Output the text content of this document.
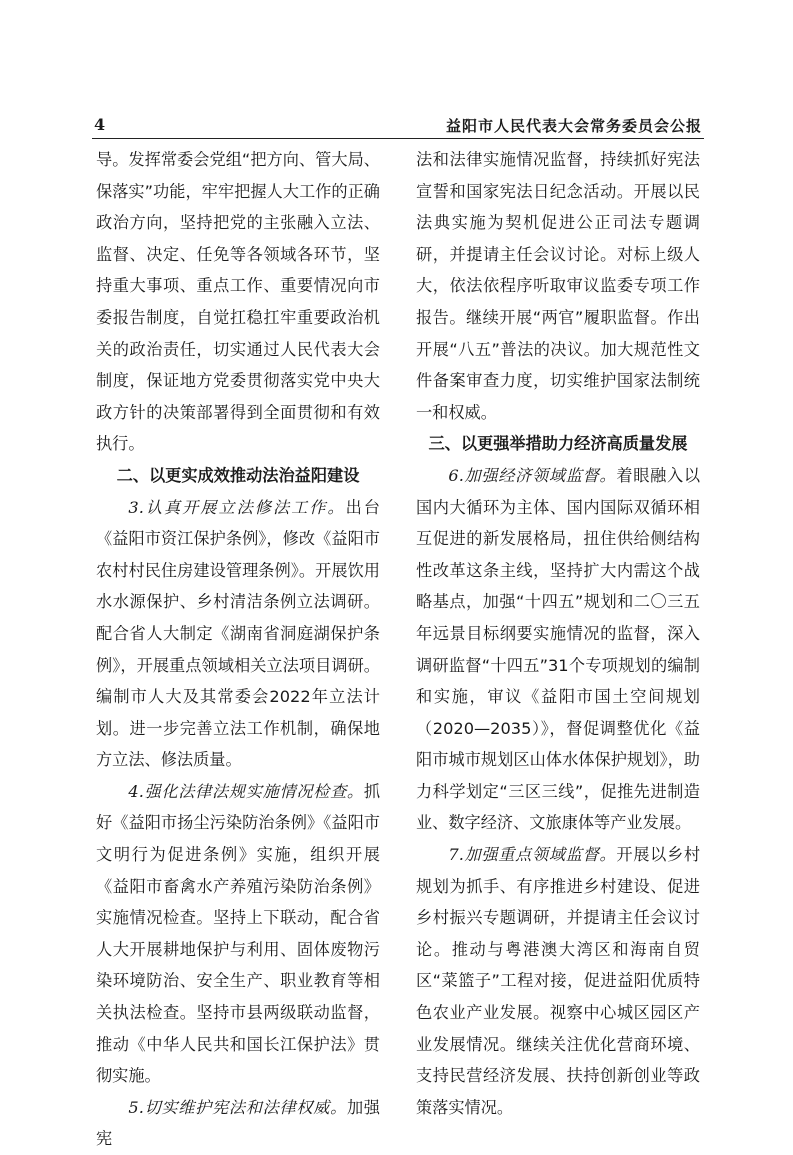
4	益阳市人民代表大会常务委员会公报

导。发挥常委会党组“把方向、管大局、保落实”功能，牢牢把握人大工作的正确政治方向，坚持把党的主张融入立法、监督、决定、任免等各领域各环节，坚持重大事项、重点工作、重要情况向市委报告制度，自觉扛稳扛牢重要政治机关的政治责任，切实通过人民代表大会制度，保证地方党委贯彻落实党中央大政方针的决策部署得到全面贯彻和有效执行。

二、以更实成效推动法治益阳建设

3.认真开展立法修法工作。出台《益阳市资江保护条例》，修改《益阳市农村村民住房建设管理条例》。开展饮用水水源保护、乡村清洁条例立法调研。配合省人大制定《湖南省洞庭湖保护条例》，开展重点领域相关立法项目调研。编制市人大及其常委会2022年立法计划。进一步完善立法工作机制，确保地方立法、修法质量。

4.强化法律法规实施情况检查。抓好《益阳市扬尘污染防治条例》《益阳市文明行为促进条例》实施，组织开展《益阳市畜禽水产养殖污染防治条例》实施情况检查。坚持上下联动，配合省人大开展耕地保护与利用、固体废物污染环境防治、安全生产、职业教育等相关执法检查。坚持市县两级联动监督，推动《中华人民共和国长江保护法》贯彻实施。

5.切实维护宪法和法律权威。加强宪

法和法律实施情况监督，持续抓好宪法宣誓和国家宪法日纪念活动。开展以民法典实施为契机促进公正司法专题调研，并提请主任会议讨论。对标上级人大，依法依程序听取审议监委专项工作报告。继续开展“两官”履职监督。作出开展“八五”普法的决议。加大规范性文件备案审查力度，切实维护国家法制统一和权威。

三、以更强举措助力经济高质量发展

6.加强经济领域监督。着眼融入以国内大循环为主体、国内国际双循环相互促进的新发展格局，扭住供给侧结构性改革这条主线，坚持扩大内需这个战略基点，加强“十四五”规划和二〇三五年远景目标纲要实施情况的监督，深入调研监督“十四五”31个专项规划的编制和实施，审议《益阳市国土空间规划（2020—2035）》，督促调整优化《益阳市城市规划区山体水体保护规划》，助力科学划定“三区三线”，促推先进制造业、数字经济、文旅康体等产业发展。

7.加强重点领域监督。开展以乡村规划为抓手、有序推进乡村建设、促进乡村振兴专题调研，并提请主任会议讨论。推动与粤港澳大湾区和海南自贸区“菜篮子”工程对接，促进益阳优质特色农业产业发展。视察中心城区园区产业发展情况。继续关注优化营商环境、支持民营经济发展、扶持创新创业等政策落实情况。
